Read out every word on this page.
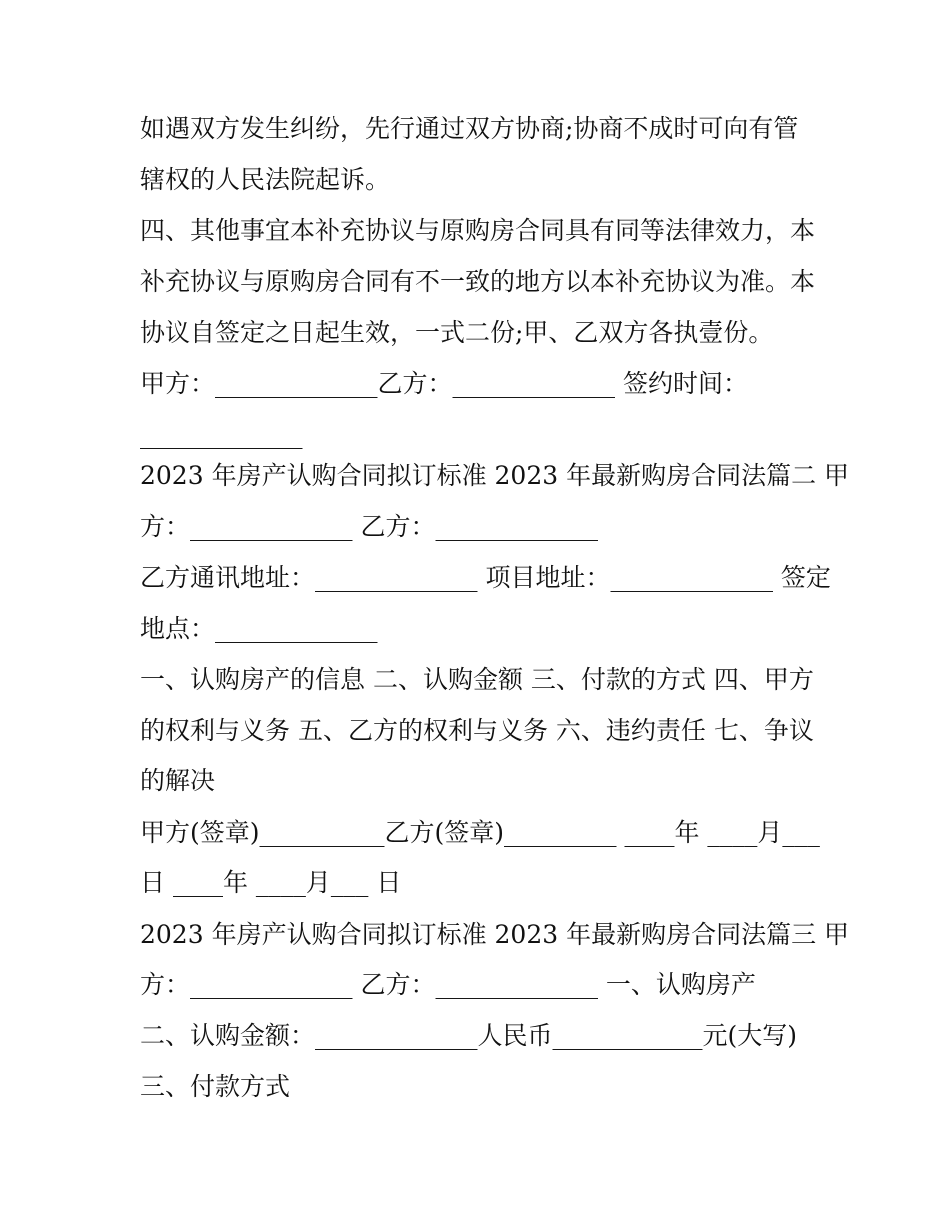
如遇双方发生纠纷，先行通过双方协商;协商不成时可向有管

辖权的人民法院起诉。

四、其他事宜本补充协议与原购房合同具有同等法律效力，本

补充协议与原购房合同有不一致的地方以本补充协议为准。本

协议自签定之日起生效，一式二份;甲、乙双方各执壹份。

甲方：_____________乙方：_____________ 签约时间：

_____________

2023 年房产认购合同拟订标准 2023 年最新购房合同法篇二 甲

方：_____________ 乙方：_____________

乙方通讯地址：_____________ 项目地址：_____________ 签定

地点：_____________

一、认购房产的信息 二、认购金额 三、付款的方式 四、甲方

的权利与义务 五、乙方的权利与义务 六、违约责任 七、争议

的解决

甲方(签章)__________乙方(签章)_________ ____年 ____月___

日 ____年 ____月___ 日

2023 年房产认购合同拟订标准 2023 年最新购房合同法篇三 甲

方：_____________ 乙方：_____________ 一、认购房产

二、认购金额：_____________人民币____________元(大写)

三、付款方式
